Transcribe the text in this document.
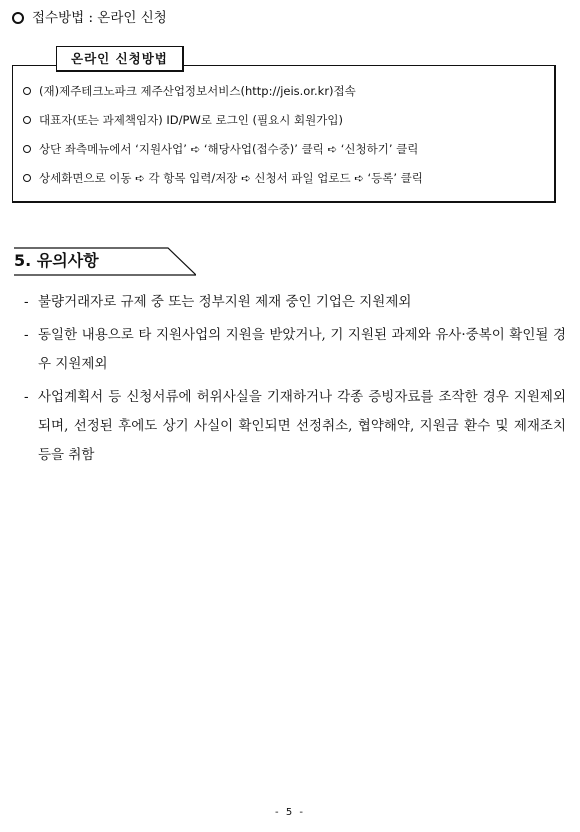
접수방법 : 온라인 신청
온라인 신청방법
(재)제주테크노파크 제주산업정보서비스(http://jeis.or.kr)접속
대표자(또는 과제책임자) ID/PW로 로그인 (필요시 회원가입)
상단 좌측메뉴에서 ‘지원사업’ ➪ ‘해당사업(접수중)’ 클릭 ➪ ‘신청하기’ 클릭
상세화면으로 이동 ➪ 각 항목 입력/저장 ➪ 신청서 파일 업로드 ➪ ‘등록’ 클릭
5. 유의사항
- 불량거래자로 규제 중 또는 정부지원 제재 중인 기업은 지원제외
- 동일한 내용으로 타 지원사업의 지원을 받았거나, 기 지원된 과제와 유사·중복이 확인될 경우 지원제외
- 사업계획서 등 신청서류에 허위사실을 기재하거나 각종 증빙자료를 조작한 경우 지원제외 되며, 선정된 후에도 상기 사실이 확인되면 선정취소, 협약해약, 지원금 환수 및 제재조치 등을 취함
- 5 -
